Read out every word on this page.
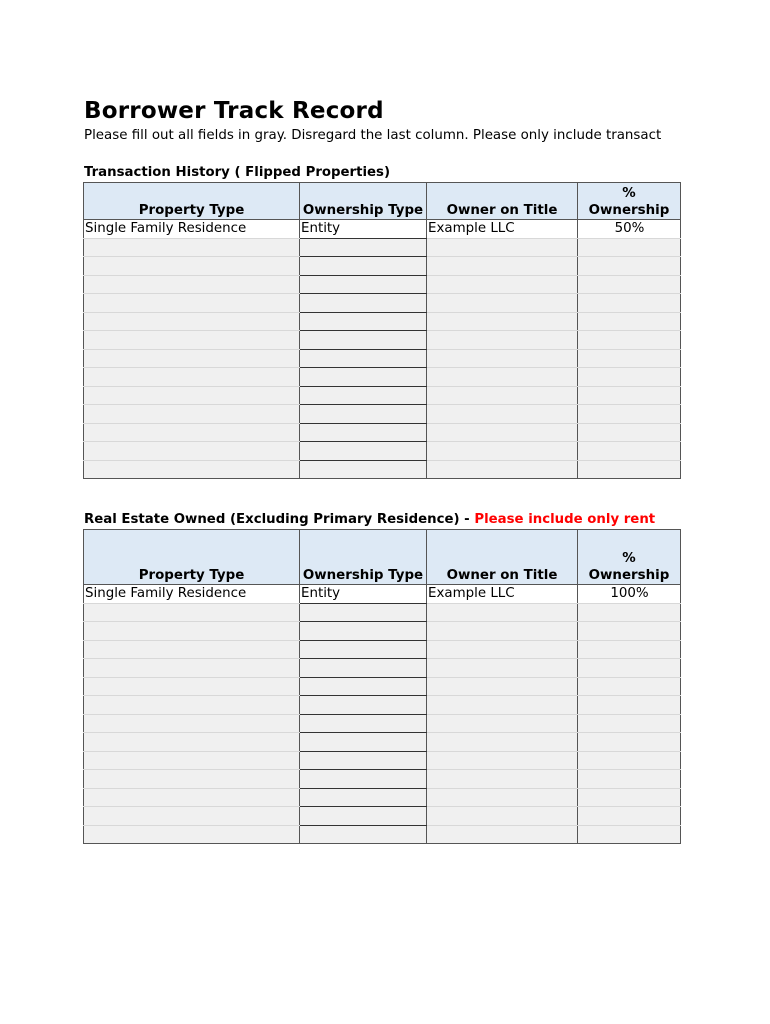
Borrower Track Record
Please fill out all fields in gray. Disregard the last column. Please only include transact
Transaction History ( Flipped Properties)
Property Type	Ownership Type	Owner on Title	% Ownership
Single Family Residence	Entity	Example LLC	50%

Real Estate Owned (Excluding Primary Residence) - Please include only rent
Property Type	Ownership Type	Owner on Title	% Ownership
Single Family Residence	Entity	Example LLC	100%
